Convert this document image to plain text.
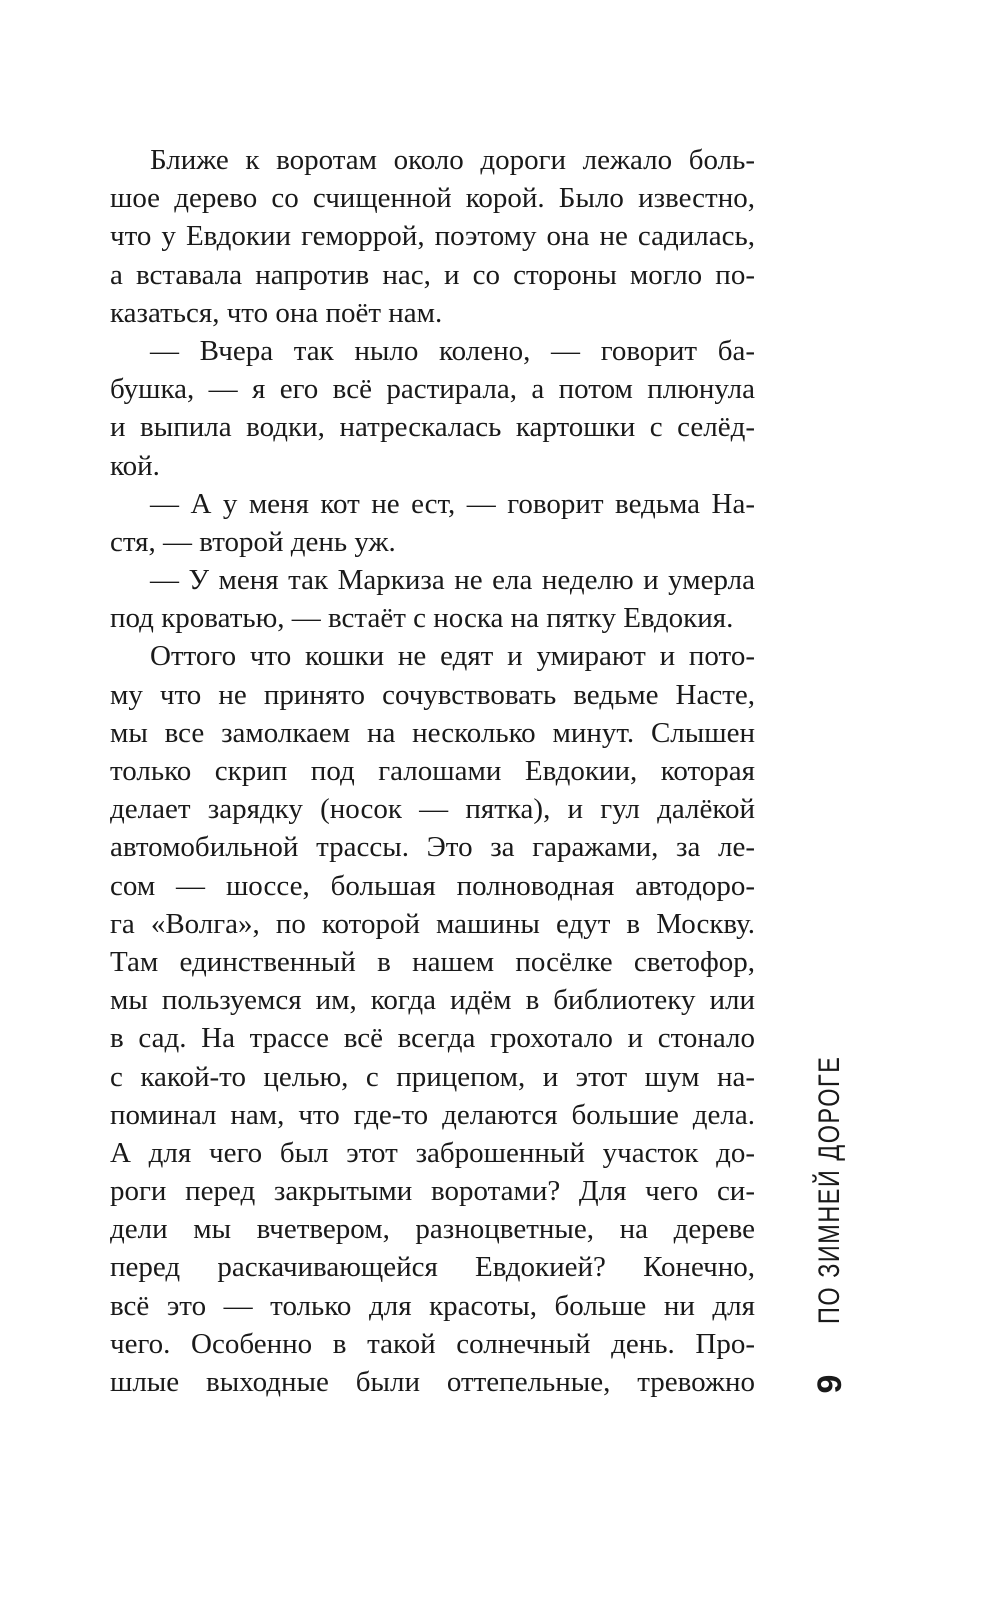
Ближе к воротам около дороги лежало боль-
шое дерево со счищенной корой. Было известно,
что у Евдокии геморрой, поэтому она не садилась,
а вставала напротив нас, и со стороны могло по-
казаться, что она поёт нам.
— Вчера так ныло колено, — говорит ба-
бушка, — я его всё растирала, а потом плюнула
и выпила водки, натрескалась картошки с селёд-
кой.
— А у меня кот не ест, — говорит ведьма На-
стя, — второй день уж.
— У меня так Маркиза не ела неделю и умерла
под кроватью, — встаёт с носка на пятку Евдокия.
Оттого что кошки не едят и умирают и пото-
му что не принято сочувствовать ведьме Насте,
мы все замолкаем на несколько минут. Слышен
только скрип под галошами Евдокии, которая
делает зарядку (носок — пятка), и гул далёкой
автомобильной трассы. Это за гаражами, за ле-
сом — шоссе, большая полноводная автодоро-
га «Волга», по которой машины едут в Москву.
Там единственный в нашем посёлке светофор,
мы пользуемся им, когда идём в библиотеку или
в сад. На трассе всё всегда грохотало и стонало
с какой-то целью, с прицепом, и этот шум на-
поминал нам, что где-то делаются большие дела.
А для чего был этот заброшенный участок до-
роги перед закрытыми воротами? Для чего си-
дели мы вчетвером, разноцветные, на дереве
перед раскачивающейся Евдокией? Конечно,
всё это — только для красоты, больше ни для
чего. Особенно в такой солнечный день. Про-
шлые выходные были оттепельные, тревожно 9
ПО ЗИМНЕЙ ДОРОГЕ
